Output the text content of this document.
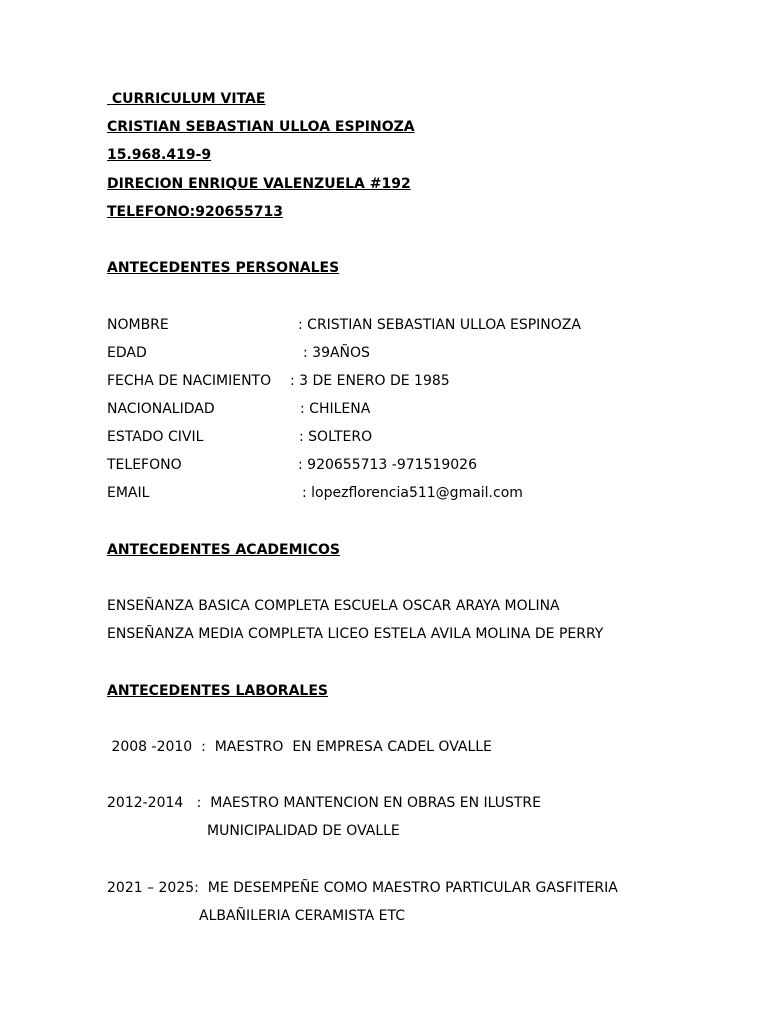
CURRICULUM VITAE
CRISTIAN SEBASTIAN ULLOA ESPINOZA
15.968.419-9
DIRECION ENRIQUE VALENZUELA #192
TELEFONO:920655713
ANTECEDENTES PERSONALES
NOMBRE	: CRISTIAN SEBASTIAN ULLOA ESPINOZA
EDAD	: 39AÑOS
FECHA DE NACIMIENTO : 3 DE ENERO DE 1985
NACIONALIDAD	: CHILENA
ESTADO CIVIL	: SOLTERO
TELEFONO	: 920655713 -971519026
EMAIL	: lopezflorencia511@gmail.com
ANTECEDENTES ACADEMICOS
ENSEÑANZA BASICA COMPLETA ESCUELA OSCAR ARAYA MOLINA
ENSEÑANZA MEDIA COMPLETA LICEO ESTELA AVILA MOLINA DE PERRY
ANTECEDENTES LABORALES
2008 -2010  :  MAESTRO  EN EMPRESA CADEL OVALLE
2012-2014   :  MAESTRO MANTENCION EN OBRAS EN ILUSTRE
MUNICIPALIDAD DE OVALLE
2021 – 2025:  ME DESEMPEÑE COMO MAESTRO PARTICULAR GASFITERIA
ALBAÑILERIA CERAMISTA ETC
